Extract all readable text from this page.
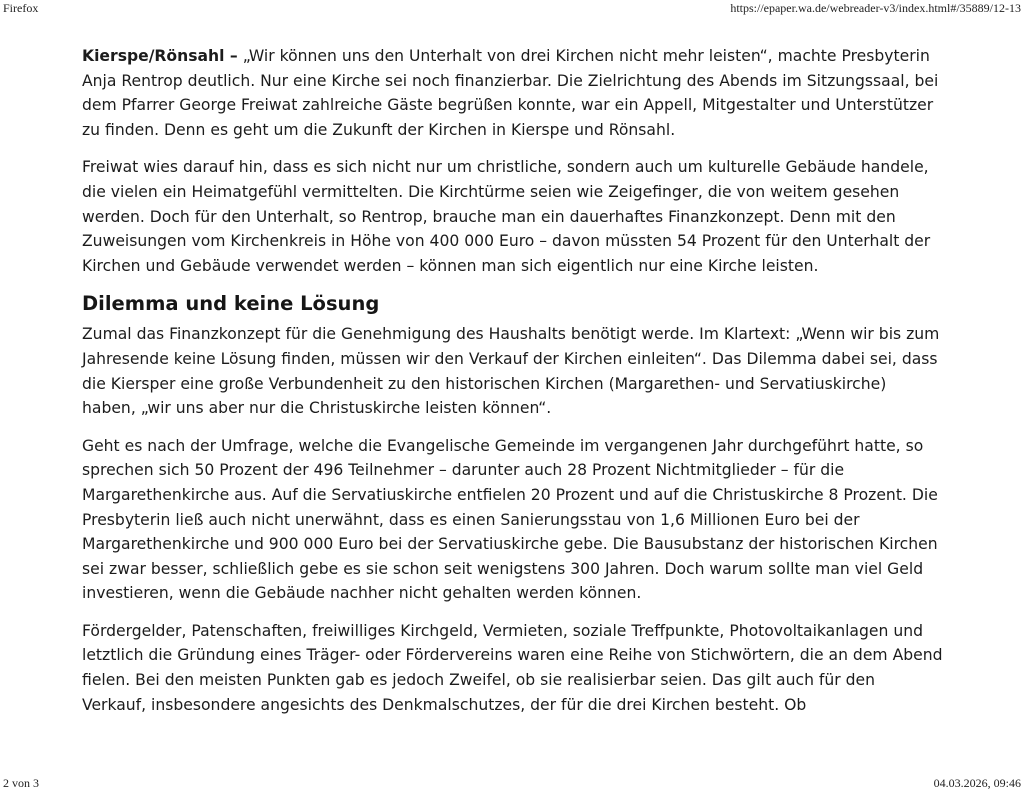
Firefox	https://epaper.wa.de/webreader-v3/index.html#/35889/12-13

Kierspe/Rönsahl – „Wir können uns den Unterhalt von drei Kirchen nicht mehr leisten“, machte Presbyterin Anja Rentrop deutlich. Nur eine Kirche sei noch finanzierbar. Die Zielrichtung des Abends im Sitzungssaal, bei dem Pfarrer George Freiwat zahlreiche Gäste begrüßen konnte, war ein Appell, Mitgestalter und Unterstützer zu finden. Denn es geht um die Zukunft der Kirchen in Kierspe und Rönsahl.

Freiwat wies darauf hin, dass es sich nicht nur um christliche, sondern auch um kulturelle Gebäude handele, die vielen ein Heimatgefühl vermittelten. Die Kirchtürme seien wie Zeigefinger, die von weitem gesehen werden. Doch für den Unterhalt, so Rentrop, brauche man ein dauerhaftes Finanzkonzept. Denn mit den Zuweisungen vom Kirchenkreis in Höhe von 400 000 Euro – davon müssten 54 Prozent für den Unterhalt der Kirchen und Gebäude verwendet werden – können man sich eigentlich nur eine Kirche leisten.

Dilemma und keine Lösung

Zumal das Finanzkonzept für die Genehmigung des Haushalts benötigt werde. Im Klartext: „Wenn wir bis zum Jahresende keine Lösung finden, müssen wir den Verkauf der Kirchen einleiten“. Das Dilemma dabei sei, dass die Kiersper eine große Verbundenheit zu den historischen Kirchen (Margarethen- und Servatiuskirche) haben, „wir uns aber nur die Christuskirche leisten können“.

Geht es nach der Umfrage, welche die Evangelische Gemeinde im vergangenen Jahr durchgeführt hatte, so sprechen sich 50 Prozent der 496 Teilnehmer – darunter auch 28 Prozent Nichtmitglieder – für die Margarethenkirche aus. Auf die Servatiuskirche entfielen 20 Prozent und auf die Christuskirche 8 Prozent. Die Presbyterin ließ auch nicht unerwähnt, dass es einen Sanierungsstau von 1,6 Millionen Euro bei der Margarethenkirche und 900 000 Euro bei der Servatiuskirche gebe. Die Bausubstanz der historischen Kirchen sei zwar besser, schließlich gebe es sie schon seit wenigstens 300 Jahren. Doch warum sollte man viel Geld investieren, wenn die Gebäude nachher nicht gehalten werden können.

Fördergelder, Patenschaften, freiwilliges Kirchgeld, Vermieten, soziale Treffpunkte, Photovoltaikanlagen und letztlich die Gründung eines Träger- oder Fördervereins waren eine Reihe von Stichwörtern, die an dem Abend fielen. Bei den meisten Punkten gab es jedoch Zweifel, ob sie realisierbar seien. Das gilt auch für den Verkauf, insbesondere angesichts des Denkmalschutzes, der für die drei Kirchen besteht. Ob

2 von 3	04.03.2026, 09:46
